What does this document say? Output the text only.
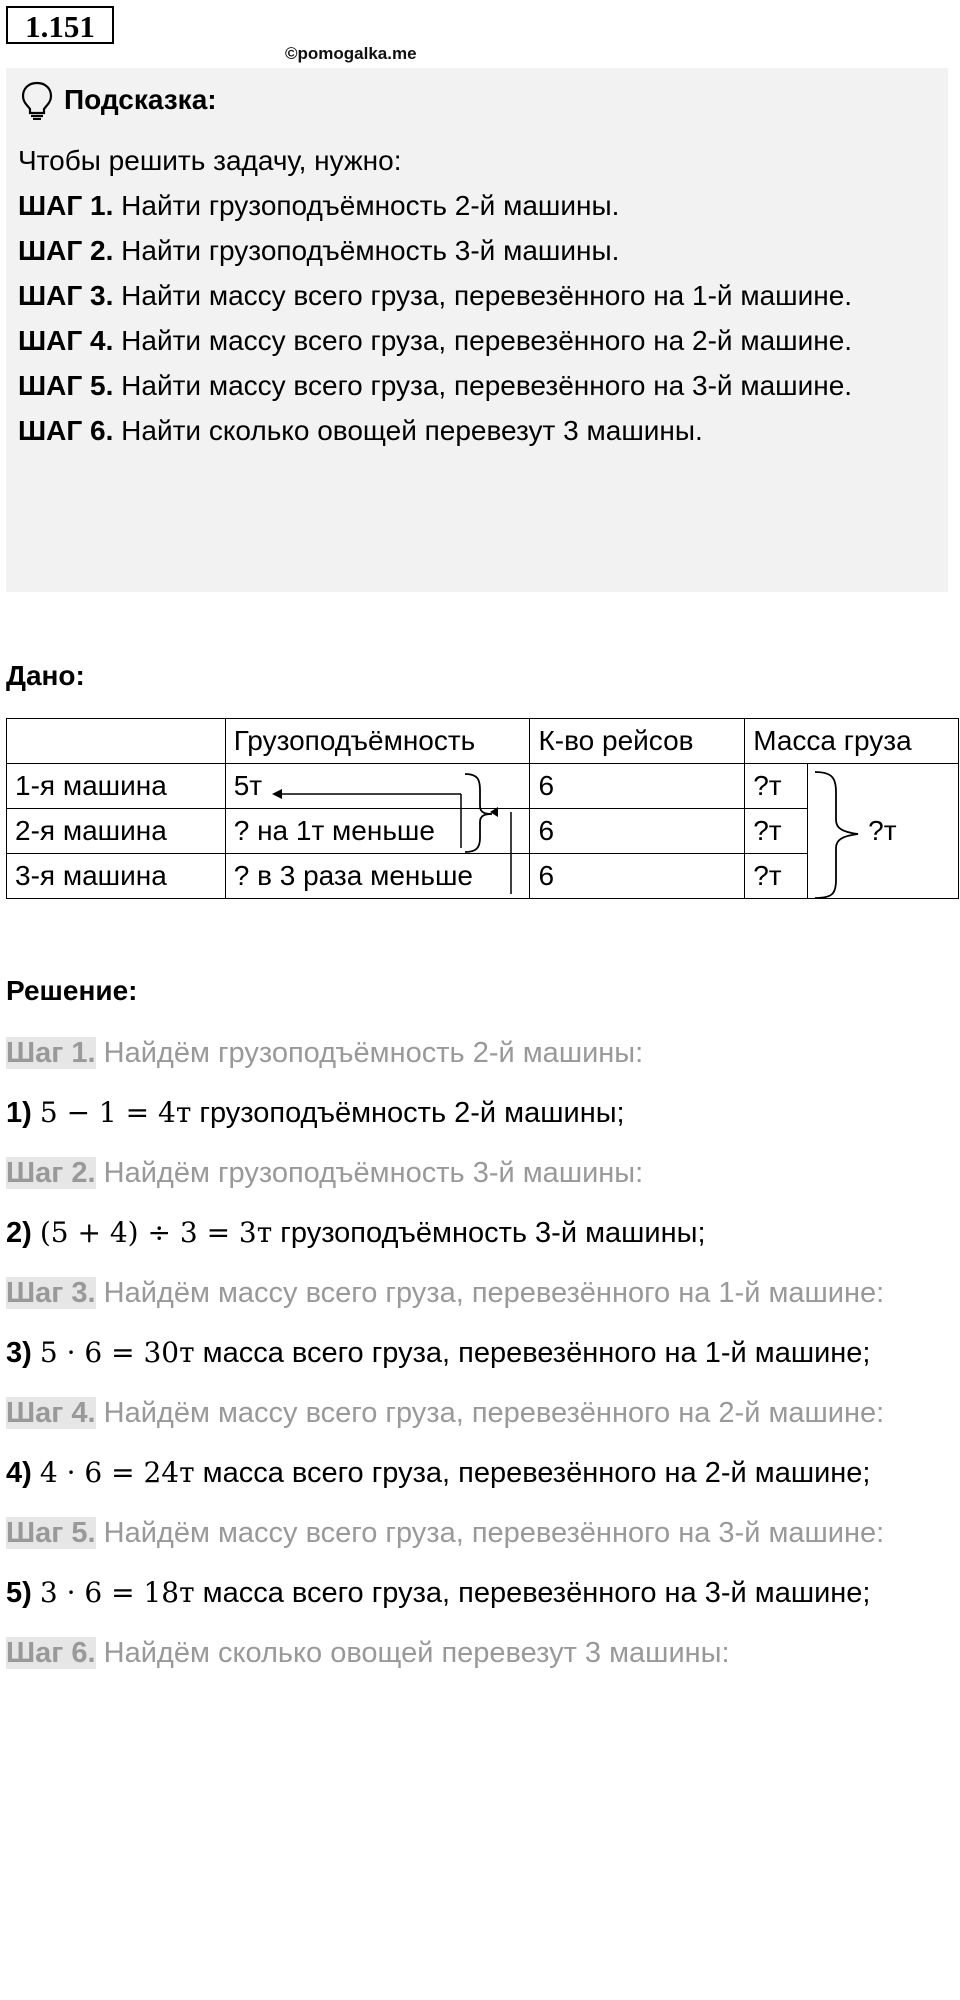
1.151
©pomogalka.me
Подсказка:

Чтобы решить задачу, нужно:

ШАГ 1. Найти грузоподъёмность 2-й машины.

ШАГ 2. Найти грузоподъёмность 3-й машины.

ШАГ 3. Найти массу всего груза, перевезённого на 1-й машине.

ШАГ 4. Найти массу всего груза, перевезённого на 2-й машине.

ШАГ 5. Найти массу всего груза, перевезённого на 3-й машине.

ШАГ 6. Найти сколько овощей перевезут 3 машины.

Дано:
	Грузоподъёмность	К-во рейсов	Масса груза	
1-я машина	5т	6	?т	?т
2-я машина	? на 1т меньше	6	?т	
3-я машина	? в 3 раза меньше	6	?т	
Решение:

Шаг 1. Найдём грузоподъёмность 2-й машины:

1) 5 − 1 = 4т грузоподъёмность 2-й машины;

Шаг 2. Найдём грузоподъёмность 3-й машины:

2) (5 + 4) ÷ 3 = 3т грузоподъёмность 3-й машины;

Шаг 3. Найдём массу всего груза, перевезённого на 1-й машине:

3) 5 · 6 = 30т масса всего груза, перевезённого на 1-й машине;

Шаг 4. Найдём массу всего груза, перевезённого на 2-й машине:

4) 4 · 6 = 24т масса всего груза, перевезённого на 2-й машине;

Шаг 5. Найдём массу всего груза, перевезённого на 3-й машине:

5) 3 · 6 = 18т масса всего груза, перевезённого на 3-й машине;

Шаг 6. Найдём сколько овощей перевезут 3 машины:
